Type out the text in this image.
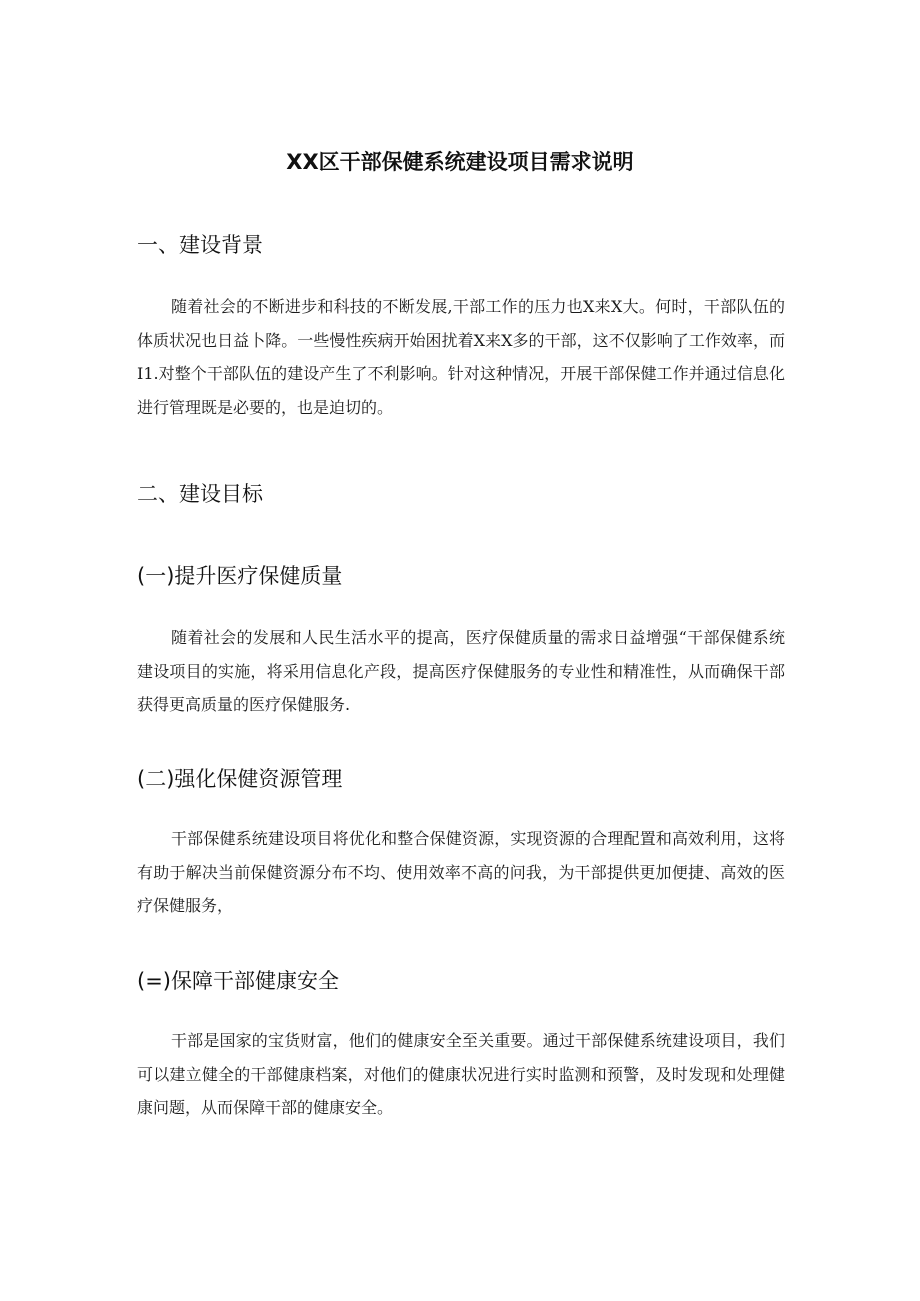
XX区干部保健系统建设项目需求说明
一、建设背景

随着社会的不断进步和科技的不断发展,干部工作的压力也X来X大。何时，干部队伍的体质状况也日益卜降。一些慢性疾病开始困扰着X来X多的干部，这不仅影响了工作效率，而I1.对整个干部队伍的建设产生了不利影响。针对这种情况，开展干部保健工作并通过信息化进行管理既是必要的，也是迫切的。

二、建设目标
(一)提升医疗保健质量

随着社会的发展和人民生活水平的提高，医疗保健质量的需求日益增强“干部保健系统建设项目的实施，将采用信息化产段，提高医疗保健服务的专业性和精准性，从而确保干部获得更高质量的医疗保健服务.

(二)强化保健资源管理

干部保健系统建设项目将优化和整合保健资源，实现资源的合理配置和高效利用，这将有助于解决当前保健资源分布不均、使用效率不高的问我，为干部提供更加便捷、高效的医疗保健服务，

(=)保障干部健康安全

干部是国家的宝货财富，他们的健康安全至关重要。通过干部保健系统建设项目，我们可以建立健全的干部健康档案，对他们的健康状况进行实时监测和预警，及时发现和处理健康问题，从而保障干部的健康安全。
